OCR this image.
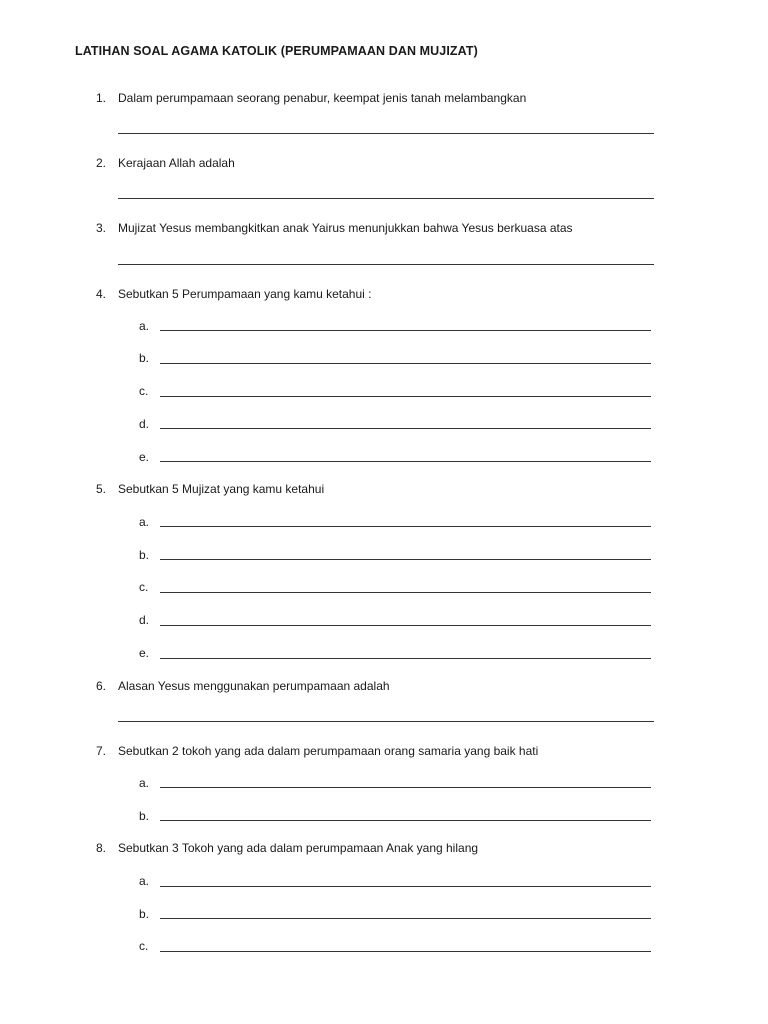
LATIHAN SOAL AGAMA KATOLIK (PERUMPAMAAN DAN MUJIZAT)
1. Dalam perumpamaan seorang penabur, keempat jenis tanah melambangkan
2. Kerajaan Allah adalah
3. Mujizat Yesus membangkitkan anak Yairus menunjukkan bahwa Yesus berkuasa atas
4. Sebutkan 5 Perumpamaan yang kamu ketahui :
a.
b.
c.
d.
e.
5. Sebutkan 5 Mujizat yang kamu ketahui
a.
b.
c.
d.
e.
6. Alasan Yesus menggunakan perumpamaan adalah
7. Sebutkan 2 tokoh yang ada dalam perumpamaan orang samaria yang baik hati
a.
b.
8. Sebutkan 3 Tokoh yang ada dalam perumpamaan Anak yang hilang
a.
b.
c.
